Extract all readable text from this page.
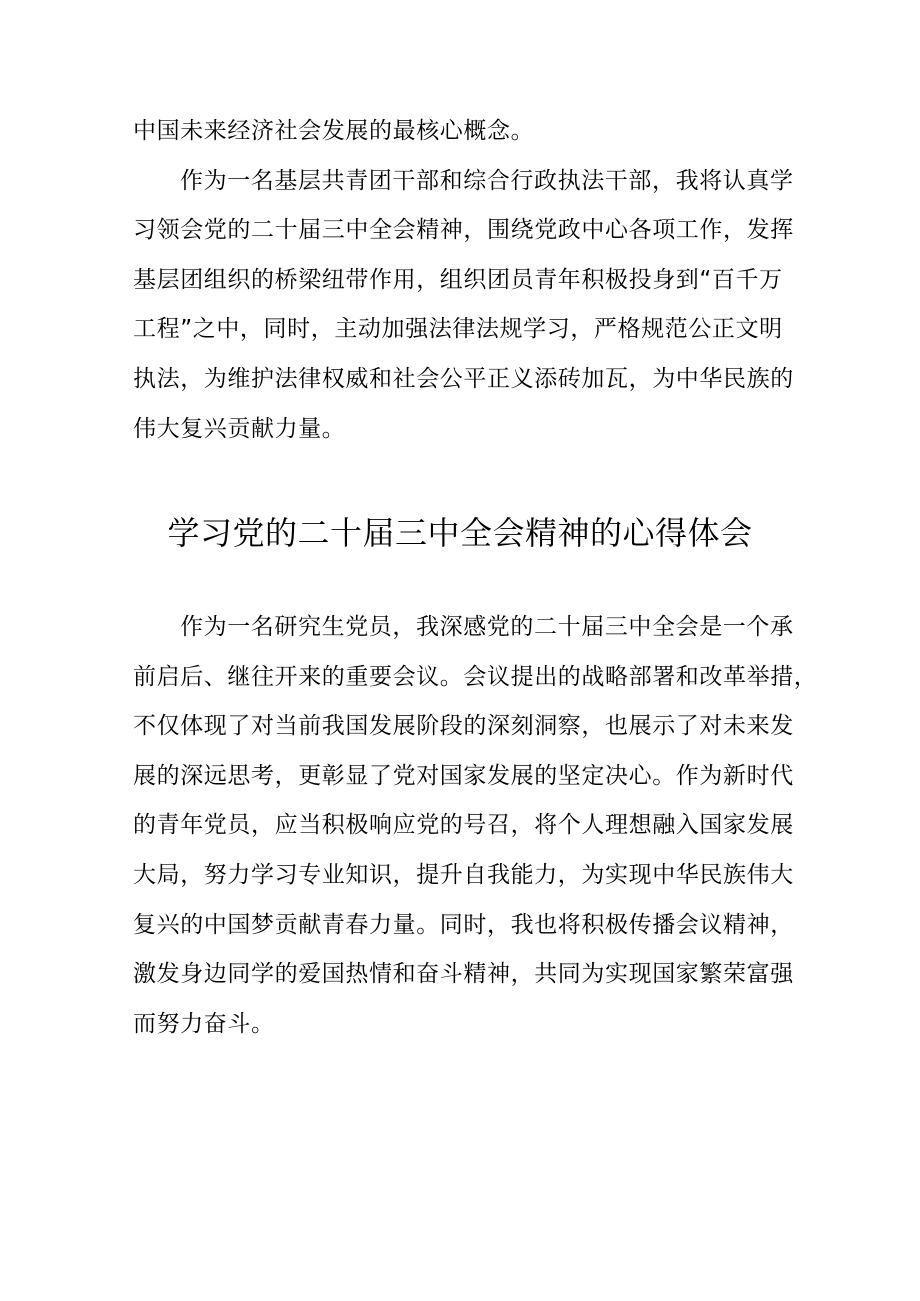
中国未来经济社会发展的最核心概念。
作为一名基层共青团干部和综合行政执法干部，我将认真学
习领会党的二十届三中全会精神，围绕党政中心各项工作，发挥
基层团组织的桥梁纽带作用，组织团员青年积极投身到“百千万
工程”之中，同时，主动加强法律法规学习，严格规范公正文明
执法，为维护法律权威和社会公平正义添砖加瓦，为中华民族的
伟大复兴贡献力量。
学习党的二十届三中全会精神的心得体会
作为一名研究生党员，我深感党的二十届三中全会是一个承
前启后、继往开来的重要会议。会议提出的战略部署和改革举措，
不仅体现了对当前我国发展阶段的深刻洞察，也展示了对未来发
展的深远思考，更彰显了党对国家发展的坚定决心。作为新时代
的青年党员，应当积极响应党的号召，将个人理想融入国家发展
大局，努力学习专业知识，提升自我能力，为实现中华民族伟大
复兴的中国梦贡献青春力量。同时，我也将积极传播会议精神，
激发身边同学的爱国热情和奋斗精神，共同为实现国家繁荣富强
而努力奋斗。
